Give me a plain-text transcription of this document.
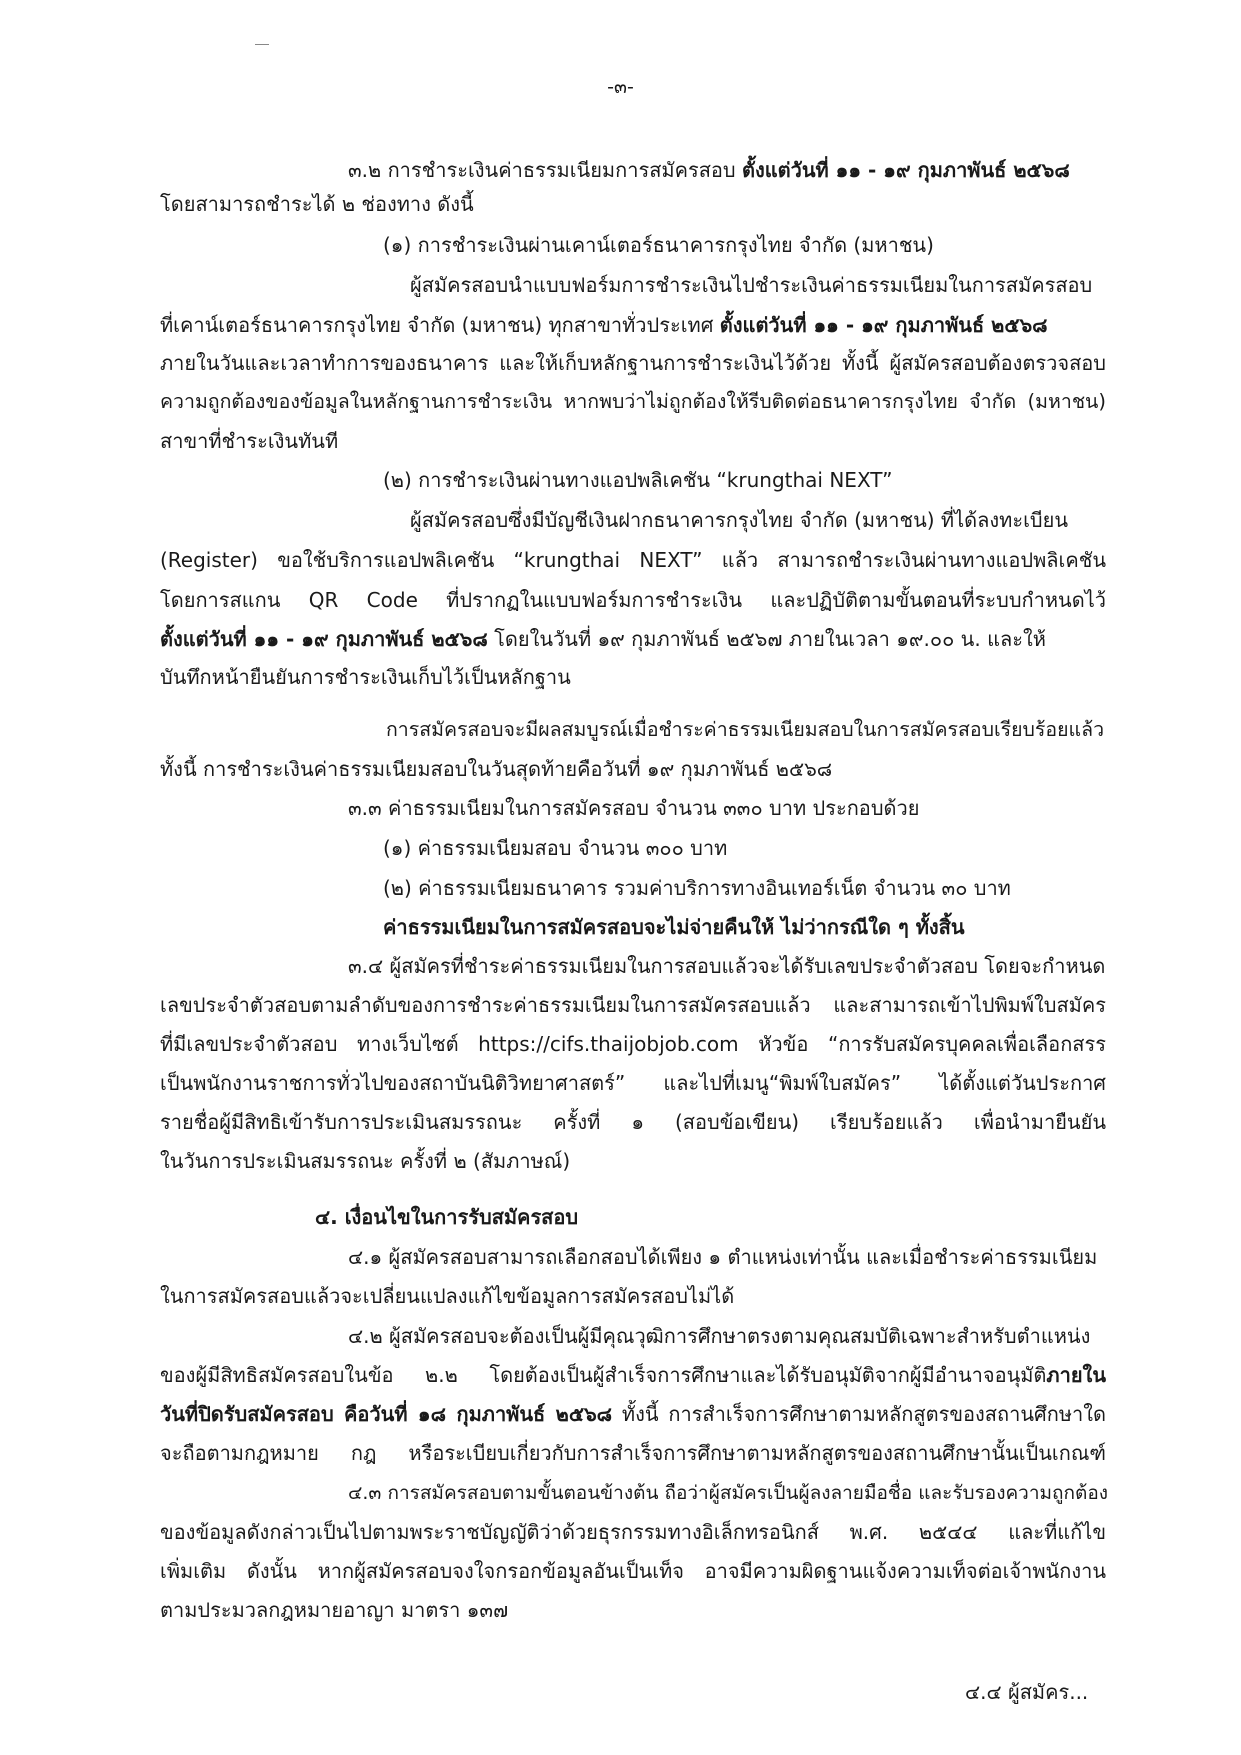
-๓-
๓.๒ การชำระเงินค่าธรรมเนียมการสมัครสอบ ตั้งแต่วันที่ ๑๑ - ๑๙ กุมภาพันธ์ ๒๕๖๘
โดยสามารถชำระได้ ๒ ช่องทาง ดังนี้
(๑) การชำระเงินผ่านเคาน์เตอร์ธนาคารกรุงไทย จำกัด (มหาชน)
ผู้สมัครสอบนำแบบฟอร์มการชำระเงินไปชำระเงินค่าธรรมเนียมในการสมัครสอบ
ที่เคาน์เตอร์ธนาคารกรุงไทย จำกัด (มหาชน) ทุกสาขาทั่วประเทศ ตั้งแต่วันที่ ๑๑ - ๑๙ กุมภาพันธ์ ๒๕๖๘
ภายในวันและเวลาทำการของธนาคาร และให้เก็บหลักฐานการชำระเงินไว้ด้วย ทั้งนี้ ผู้สมัครสอบต้องตรวจสอบ
ความถูกต้องของข้อมูลในหลักฐานการชำระเงิน หากพบว่าไม่ถูกต้องให้รีบติดต่อธนาคารกรุงไทย จำกัด (มหาชน)
สาขาที่ชำระเงินทันที
(๒) การชำระเงินผ่านทางแอปพลิเคชัน “krungthai NEXT”
ผู้สมัครสอบซึ่งมีบัญชีเงินฝากธนาคารกรุงไทย จำกัด (มหาชน) ที่ได้ลงทะเบียน
(Register) ขอใช้บริการแอปพลิเคชัน “krungthai NEXT” แล้ว สามารถชำระเงินผ่านทางแอปพลิเคชัน
โดยการสแกน QR Code ที่ปรากฏในแบบฟอร์มการชำระเงิน และปฏิบัติตามขั้นตอนที่ระบบกำหนดไว้
ตั้งแต่วันที่ ๑๑ - ๑๙ กุมภาพันธ์ ๒๕๖๘ โดยในวันที่ ๑๙ กุมภาพันธ์ ๒๕๖๗ ภายในเวลา ๑๙.๐๐ น. และให้
บันทึกหน้ายืนยันการชำระเงินเก็บไว้เป็นหลักฐาน
การสมัครสอบจะมีผลสมบูรณ์เมื่อชำระค่าธรรมเนียมสอบในการสมัครสอบเรียบร้อยแล้ว
ทั้งนี้ การชำระเงินค่าธรรมเนียมสอบในวันสุดท้ายคือวันที่ ๑๙ กุมภาพันธ์ ๒๕๖๘
๓.๓ ค่าธรรมเนียมในการสมัครสอบ จำนวน ๓๓๐ บาท ประกอบด้วย
(๑) ค่าธรรมเนียมสอบ จำนวน ๓๐๐ บาท
(๒) ค่าธรรมเนียมธนาคาร รวมค่าบริการทางอินเทอร์เน็ต จำนวน ๓๐ บาท
ค่าธรรมเนียมในการสมัครสอบจะไม่จ่ายคืนให้ ไม่ว่ากรณีใด ๆ ทั้งสิ้น
๓.๔ ผู้สมัครที่ชำระค่าธรรมเนียมในการสอบแล้วจะได้รับเลขประจำตัวสอบ โดยจะกำหนด
เลขประจำตัวสอบตามลำดับของการชำระค่าธรรมเนียมในการสมัครสอบแล้ว และสามารถเข้าไปพิมพ์ใบสมัคร
ที่มีเลขประจำตัวสอบ ทางเว็บไซต์ https://cifs.thaijobjob.com หัวข้อ “การรับสมัครบุคคลเพื่อเลือกสรร
เป็นพนักงานราชการทั่วไปของสถาบันนิติวิทยาศาสตร์” และไปที่เมนู“พิมพ์ใบสมัคร” ได้ตั้งแต่วันประกาศ
รายชื่อผู้มีสิทธิเข้ารับการประเมินสมรรถนะ ครั้งที่ ๑ (สอบข้อเขียน) เรียบร้อยแล้ว เพื่อนำมายืนยัน
ในวันการประเมินสมรรถนะ ครั้งที่ ๒ (สัมภาษณ์)
๔. เงื่อนไขในการรับสมัครสอบ
๔.๑ ผู้สมัครสอบสามารถเลือกสอบได้เพียง ๑ ตำแหน่งเท่านั้น และเมื่อชำระค่าธรรมเนียม
ในการสมัครสอบแล้วจะเปลี่ยนแปลงแก้ไขข้อมูลการสมัครสอบไม่ได้
๔.๒ ผู้สมัครสอบจะต้องเป็นผู้มีคุณวุฒิการศึกษาตรงตามคุณสมบัติเฉพาะสำหรับตำแหน่ง
ของผู้มีสิทธิสมัครสอบในข้อ ๒.๒ โดยต้องเป็นผู้สำเร็จการศึกษาและได้รับอนุมัติจากผู้มีอำนาจอนุมัติภายใน
วันที่ปิดรับสมัครสอบ คือวันที่ ๑๘ กุมภาพันธ์ ๒๕๖๘ ทั้งนี้ การสำเร็จการศึกษาตามหลักสูตรของสถานศึกษาใด
จะถือตามกฎหมาย กฎ หรือระเบียบเกี่ยวกับการสำเร็จการศึกษาตามหลักสูตรของสถานศึกษานั้นเป็นเกณฑ์
๔.๓ การสมัครสอบตามขั้นตอนข้างต้น ถือว่าผู้สมัครเป็นผู้ลงลายมือชื่อ และรับรองความถูกต้อง
ของข้อมูลดังกล่าวเป็นไปตามพระราชบัญญัติว่าด้วยธุรกรรมทางอิเล็กทรอนิกส์ พ.ศ. ๒๕๔๔ และที่แก้ไข
เพิ่มเติม ดังนั้น หากผู้สมัครสอบจงใจกรอกข้อมูลอันเป็นเท็จ อาจมีความผิดฐานแจ้งความเท็จต่อเจ้าพนักงาน
ตามประมวลกฎหมายอาญา มาตรา ๑๓๗
๔.๔ ผู้สมัคร...
